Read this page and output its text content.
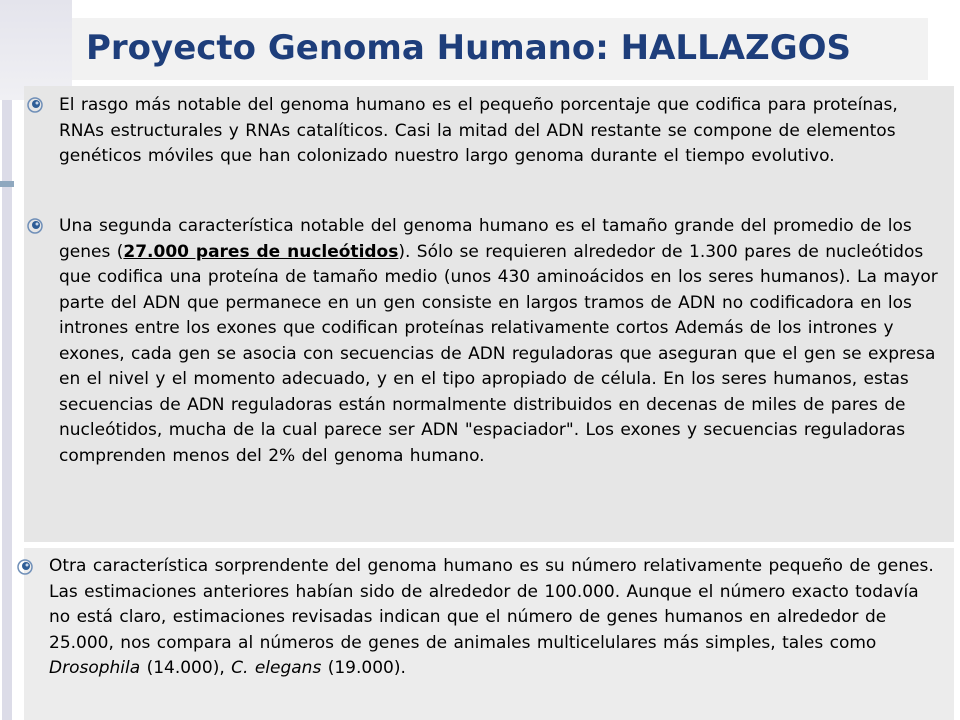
Proyecto Genoma Humano: HALLAZGOS
El rasgo más notable del genoma humano es el pequeño porcentaje que codifica para proteínas, RNAs estructurales y RNAs catalíticos. Casi la mitad del ADN restante se compone de elementos genéticos móviles que han colonizado nuestro largo genoma durante el tiempo evolutivo.
Una segunda característica notable del genoma humano es el tamaño grande del promedio de los genes (27.000 pares de nucleótidos). Sólo se requieren alrededor de 1.300 pares de nucleótidos que codifica una proteína de tamaño medio (unos 430 aminoácidos en los seres humanos). La mayor parte del ADN que permanece en un gen consiste en largos tramos de ADN no codificadora en los intrones entre los exones que codifican proteínas relativamente cortos Además de los intrones y exones, cada gen se asocia con secuencias de ADN reguladoras que aseguran que el gen se expresa en el nivel y el momento adecuado, y en el tipo apropiado de célula. En los seres humanos, estas secuencias de ADN reguladoras están normalmente distribuidos en decenas de miles de pares de nucleótidos, mucha de la cual parece ser ADN "espaciador". Los exones y secuencias reguladoras comprenden menos del 2% del genoma humano.
Otra característica sorprendente del genoma humano es su número relativamente pequeño de genes. Las estimaciones anteriores habían sido de alrededor de 100.000. Aunque el número exacto todavía no está claro, estimaciones revisadas indican que el número de genes humanos en alrededor de 25.000, nos compara al números de genes de animales multicelulares más simples, tales como Drosophila (14.000), C. elegans (19.000).
